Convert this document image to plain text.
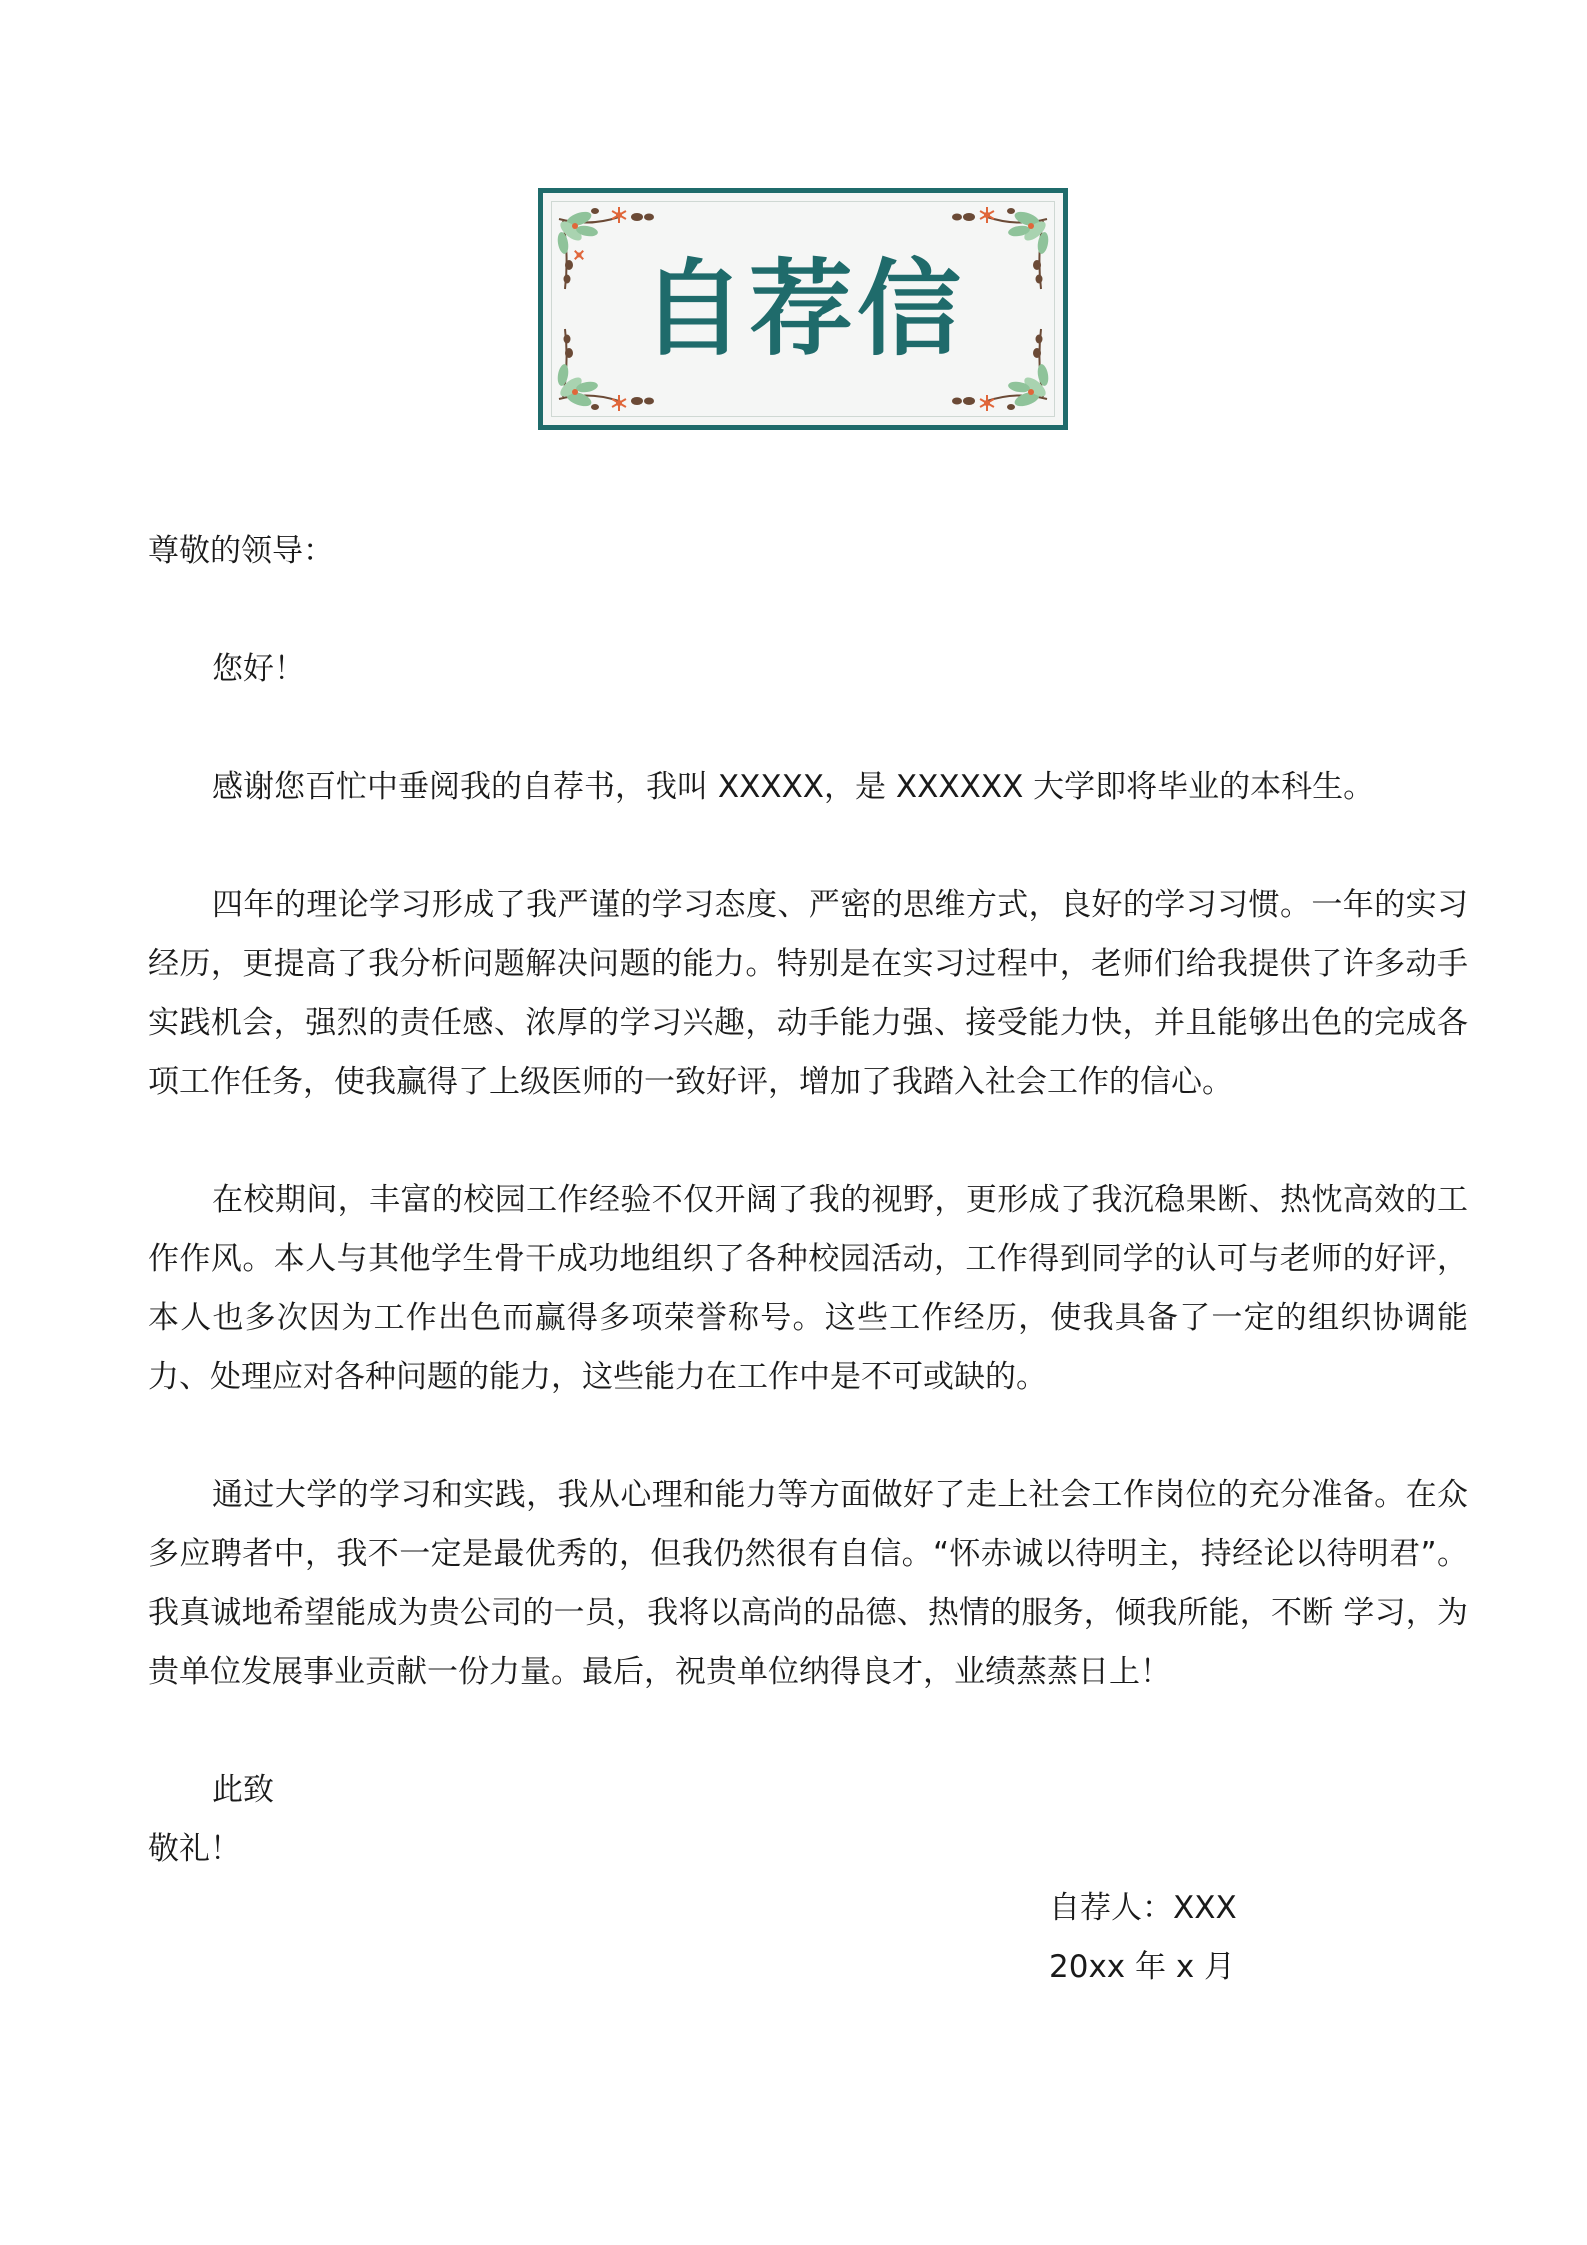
自荐信
尊敬的领导：
您好！
感谢您百忙中垂阅我的自荐书，我叫 XXXXX，是 XXXXXX 大学即将毕业的本科生。
四年的理论学习形成了我严谨的学习态度、严密的思维方式，良好的学习习惯。一年的实习经历，更提高了我分析问题解决问题的能力。特别是在实习过程中，老师们给我提供了许多动手实践机会，强烈的责任感、浓厚的学习兴趣，动手能力强、接受能力快，并且能够出色的完成各项工作任务，使我赢得了上级医师的一致好评，增加了我踏入社会工作的信心。
在校期间，丰富的校园工作经验不仅开阔了我的视野，更形成了我沉稳果断、热忱高效的工作作风。本人与其他学生骨干成功地组织了各种校园活动，工作得到同学的认可与老师的好评，本人也多次因为工作出色而赢得多项荣誉称号。这些工作经历，使我具备了一定的组织协调能力、处理应对各种问题的能力，这些能力在工作中是不可或缺的。
通过大学的学习和实践，我从心理和能力等方面做好了走上社会工作岗位的充分准备。在众多应聘者中，我不一定是最优秀的，但我仍然很有自信。“怀赤诚以待明主，持经论以待明君”。我真诚地希望能成为贵公司的一员，我将以高尚的品德、热情的服务，倾我所能，不断 学习，为贵单位发展事业贡献一份力量。最后，祝贵单位纳得良才，业绩蒸蒸日上！
此致
敬礼！
自荐人：XXX
20xx 年 x 月
